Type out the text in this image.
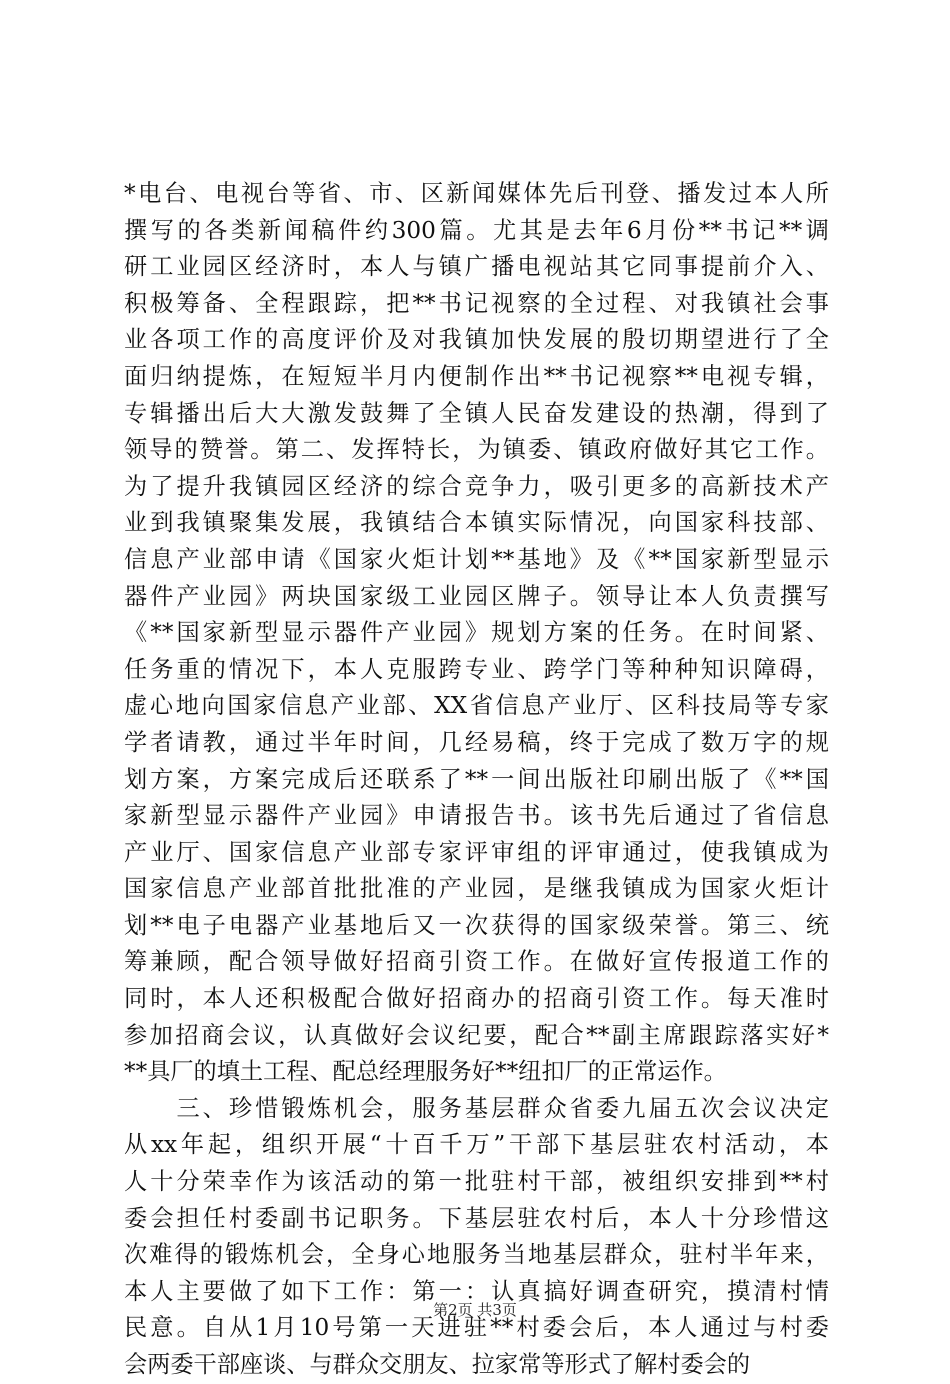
*电台、电视台等省、市、区新闻媒体先后刊登、播发过本人所
撰写的各类新闻稿件约300篇。尤其是去年6月份**书记**调
研工业园区经济时，本人与镇广播电视站其它同事提前介入、
积极筹备、全程跟踪，把**书记视察的全过程、对我镇社会事
业各项工作的高度评价及对我镇加快发展的殷切期望进行了全
面归纳提炼，在短短半月内便制作出**书记视察**电视专辑，
专辑播出后大大激发鼓舞了全镇人民奋发建设的热潮，得到了
领导的赞誉。第二、发挥特长，为镇委、镇政府做好其它工作。
为了提升我镇园区经济的综合竞争力，吸引更多的高新技术产
业到我镇聚集发展，我镇结合本镇实际情况，向国家科技部、
信息产业部申请《国家火炬计划**基地》及《**国家新型显示
器件产业园》两块国家级工业园区牌子。领导让本人负责撰写
《**国家新型显示器件产业园》规划方案的任务。在时间紧、
任务重的情况下，本人克服跨专业、跨学门等种种知识障碍，
虚心地向国家信息产业部、XX省信息产业厅、区科技局等专家
学者请教，通过半年时间，几经易稿，终于完成了数万字的规
划方案，方案完成后还联系了**一间出版社印刷出版了《**国
家新型显示器件产业园》申请报告书。该书先后通过了省信息
产业厅、国家信息产业部专家评审组的评审通过，使我镇成为
国家信息产业部首批批准的产业园，是继我镇成为国家火炬计
划**电子电器产业基地后又一次获得的国家级荣誉。第三、统
筹兼顾，配合领导做好招商引资工作。在做好宣传报道工作的
同时，本人还积极配合做好招商办的招商引资工作。每天准时
参加招商会议，认真做好会议纪要，配合**副主席跟踪落实好*
**具厂的填土工程、配总经理服务好**纽扣厂的正常运作。
　　三、珍惜锻炼机会，服务基层群众省委九届五次会议决定
从xx年起，组织开展“十百千万”干部下基层驻农村活动，本
人十分荣幸作为该活动的第一批驻村干部，被组织安排到**村
委会担任村委副书记职务。下基层驻农村后，本人十分珍惜这
次难得的锻炼机会，全身心地服务当地基层群众，驻村半年来，
本人主要做了如下工作：第一：认真搞好调查研究，摸清村情
民意。自从1月10号第一天进驻**村委会后，本人通过与村委
会两委干部座谈、与群众交朋友、拉家常等形式了解村委会的
第2页 共3页
